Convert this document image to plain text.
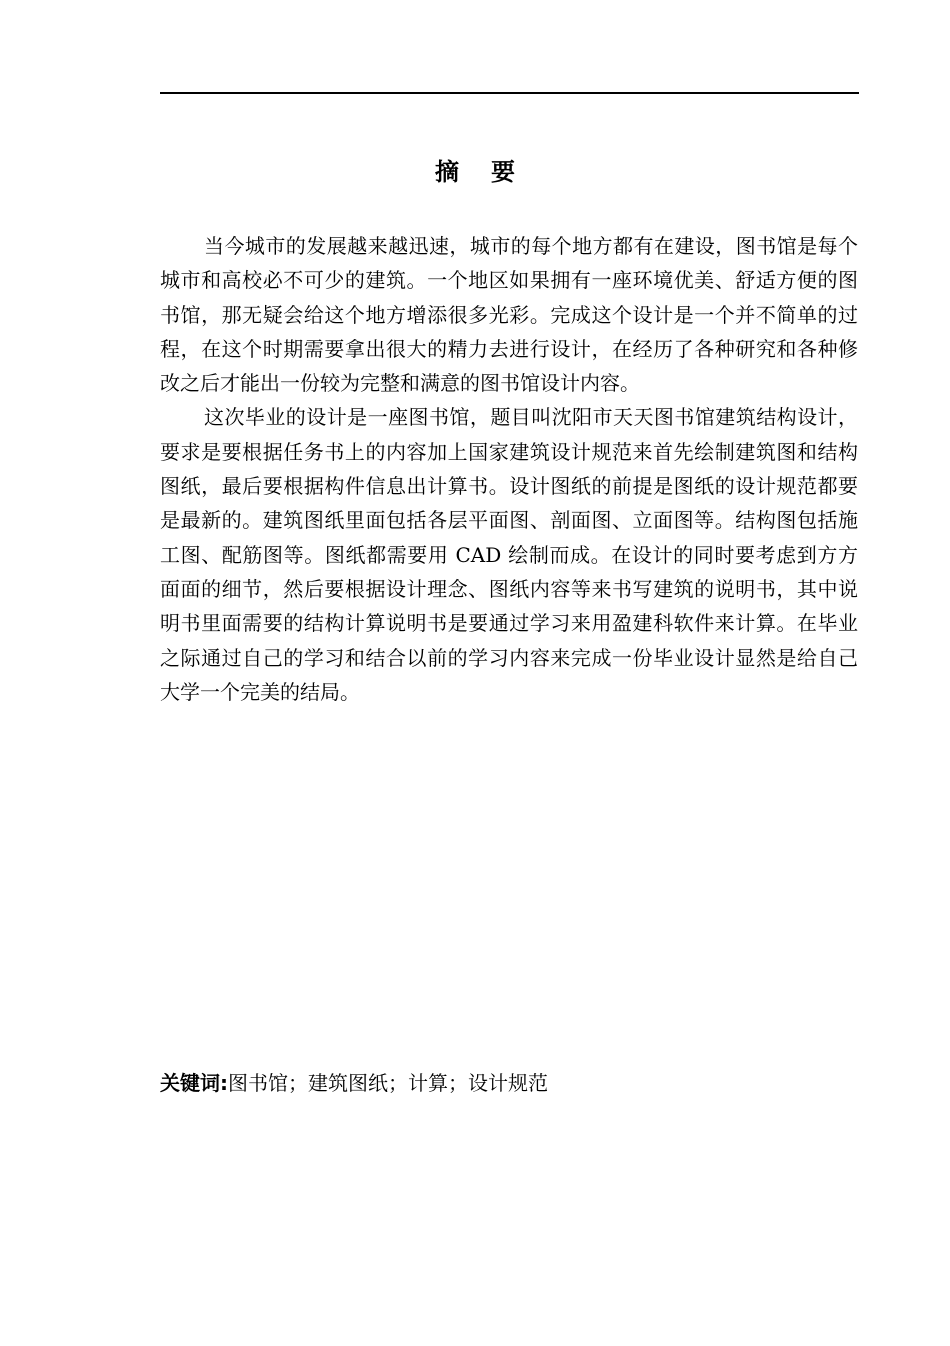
摘要

当今城市的发展越来越迅速，城市的每个地方都有在建设，图书馆是每个城市和高校必不可少的建筑。一个地区如果拥有一座环境优美、舒适方便的图书馆，那无疑会给这个地方增添很多光彩。完成这个设计是一个并不简单的过程，在这个时期需要拿出很大的精力去进行设计，在经历了各种研究和各种修改之后才能出一份较为完整和满意的图书馆设计内容。

这次毕业的设计是一座图书馆，题目叫沈阳市天天图书馆建筑结构设计，要求是要根据任务书上的内容加上国家建筑设计规范来首先绘制建筑图和结构图纸，最后要根据构件信息出计算书。设计图纸的前提是图纸的设计规范都要是最新的。建筑图纸里面包括各层平面图、剖面图、立面图等。结构图包括施工图、配筋图等。图纸都需要用 CAD 绘制而成。在设计的同时要考虑到方方面面的细节，然后要根据设计理念、图纸内容等来书写建筑的说明书，其中说明书里面需要的结构计算说明书是要通过学习来用盈建科软件来计算。在毕业之际通过自己的学习和结合以前的学习内容来完成一份毕业设计显然是给自己大学一个完美的结局。

关键词:图书馆；建筑图纸；计算；设计规范
